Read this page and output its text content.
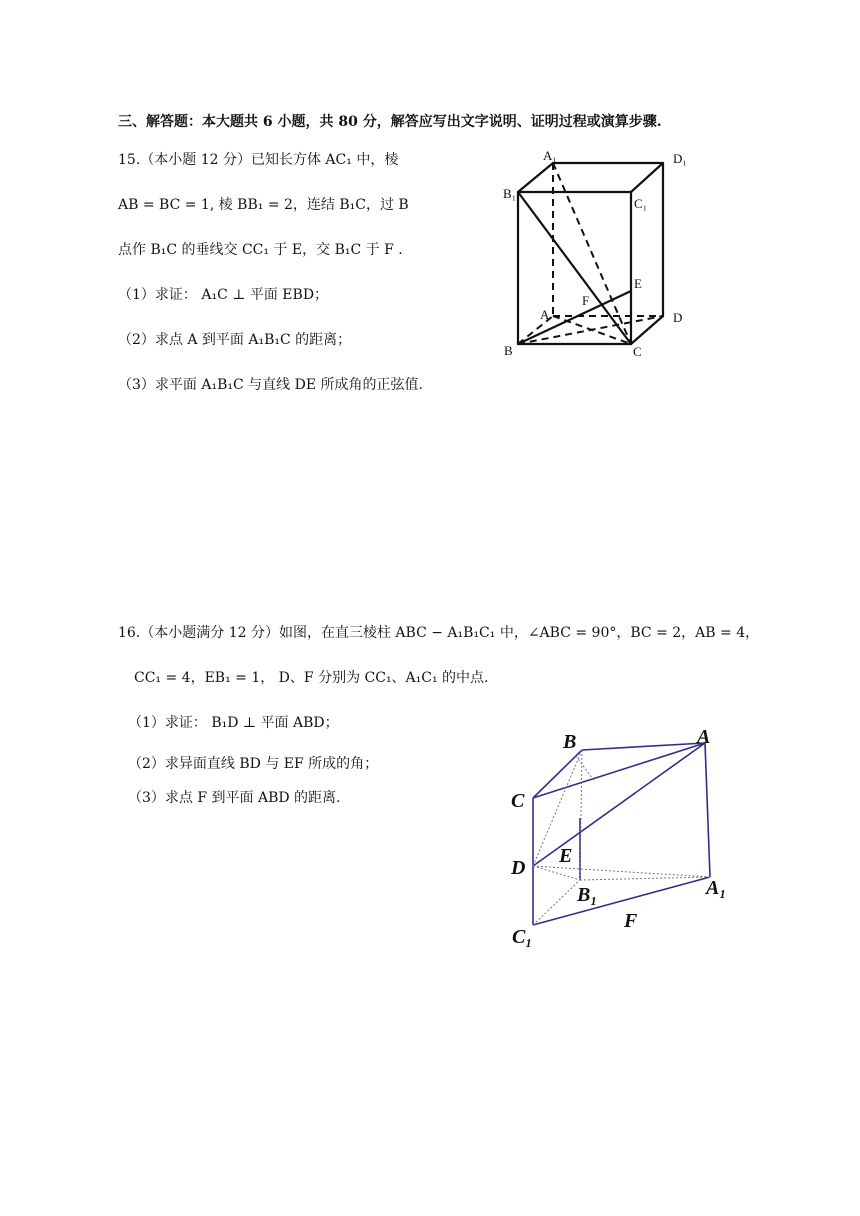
三、解答题：本大题共 6 小题，共 80 分，解答应写出文字说明、证明过程或演算步骤.
15.（本小题 12 分）已知长方体 AC₁ 中，棱
AB = BC = 1, 棱 BB₁ = 2，连结 B₁C，过 B
点作 B₁C 的垂线交 CC₁ 于 E，交 B₁C 于 F .
（1）求证： A₁C ⊥ 平面 EBD；
（2）求点 A 到平面 A₁B₁C 的距离；
（3）求平面 A₁B₁C 与直线 DE 所成角的正弦值.
A₁	D₁
B₁
C₁
E
F
A	D
B	C
16.（本小题满分 12 分）如图，在直三棱柱 ABC − A₁B₁C₁ 中，∠ABC = 90°，BC = 2，AB = 4，
CC₁ = 4，EB₁ = 1， D、F 分别为 CC₁、A₁C₁ 的中点.
（1）求证： B₁D ⊥ 平面 ABD；
（2）求异面直线 BD 与 EF 所成的角；
（3）求点 F 到平面 ABD 的距离.
B	A
C
E
D
B₁	A₁
F
C₁
